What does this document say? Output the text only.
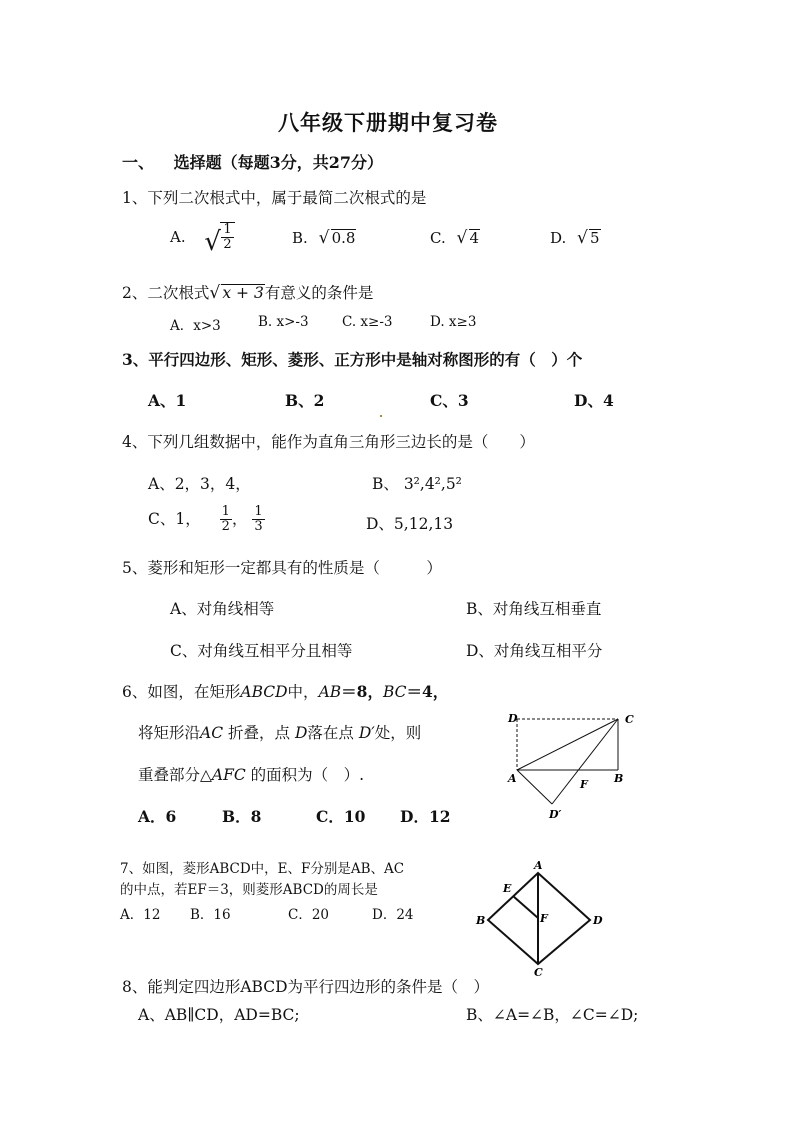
八年级下册期中复习卷
一、 选择题（每题3分，共27分）
1、下列二次根式中，属于最简二次根式的是
A. √ $\frac{1}{2}$	B. √ 0.8	C. √ 4	D. √ 5
2、二次根式 √ x + 3有意义的条件是
A．x>3	B. x>-3 C. x≥-3	D. x≥3
3、平行四边形、矩形、菱形、正方形中是轴对称图形的有（　）个
A、1	B、2	C、3	D、4
4、下列几组数据中，能作为直角三角形三边长的是（　　）
A、2，3，4，	B、 3²,4²,5²
C、1， $\frac{1}{2}$ ， $\frac{1}{3}$	D、5,12,13
5、菱形和矩形一定都具有的性质是（　　　）
A、对角线相等	B、对角线互相垂直
C、对角线互相平分且相等	D、对角线互相平分
6、如图，在矩形ABCD中，AB＝8，BC＝4，
将矩形沿AC 折叠，点 D落在点 D′处，则
重叠部分△AFC 的面积为（　）.
A．6	B．8	C．10 D．12
D	C
A	B
F
D′
7、如图，菱形ABCD中，E、F分别是AB、AC
的中点，若EF＝3，则菱形ABCD的周长是
A．12 B．16	C．20	D．24
A
B
C
D
E
F
8、能判定四边形ABCD为平行四边形的条件是（　）
A、AB∥CD，AD=BC;	B、∠A=∠B，∠C=∠D;
